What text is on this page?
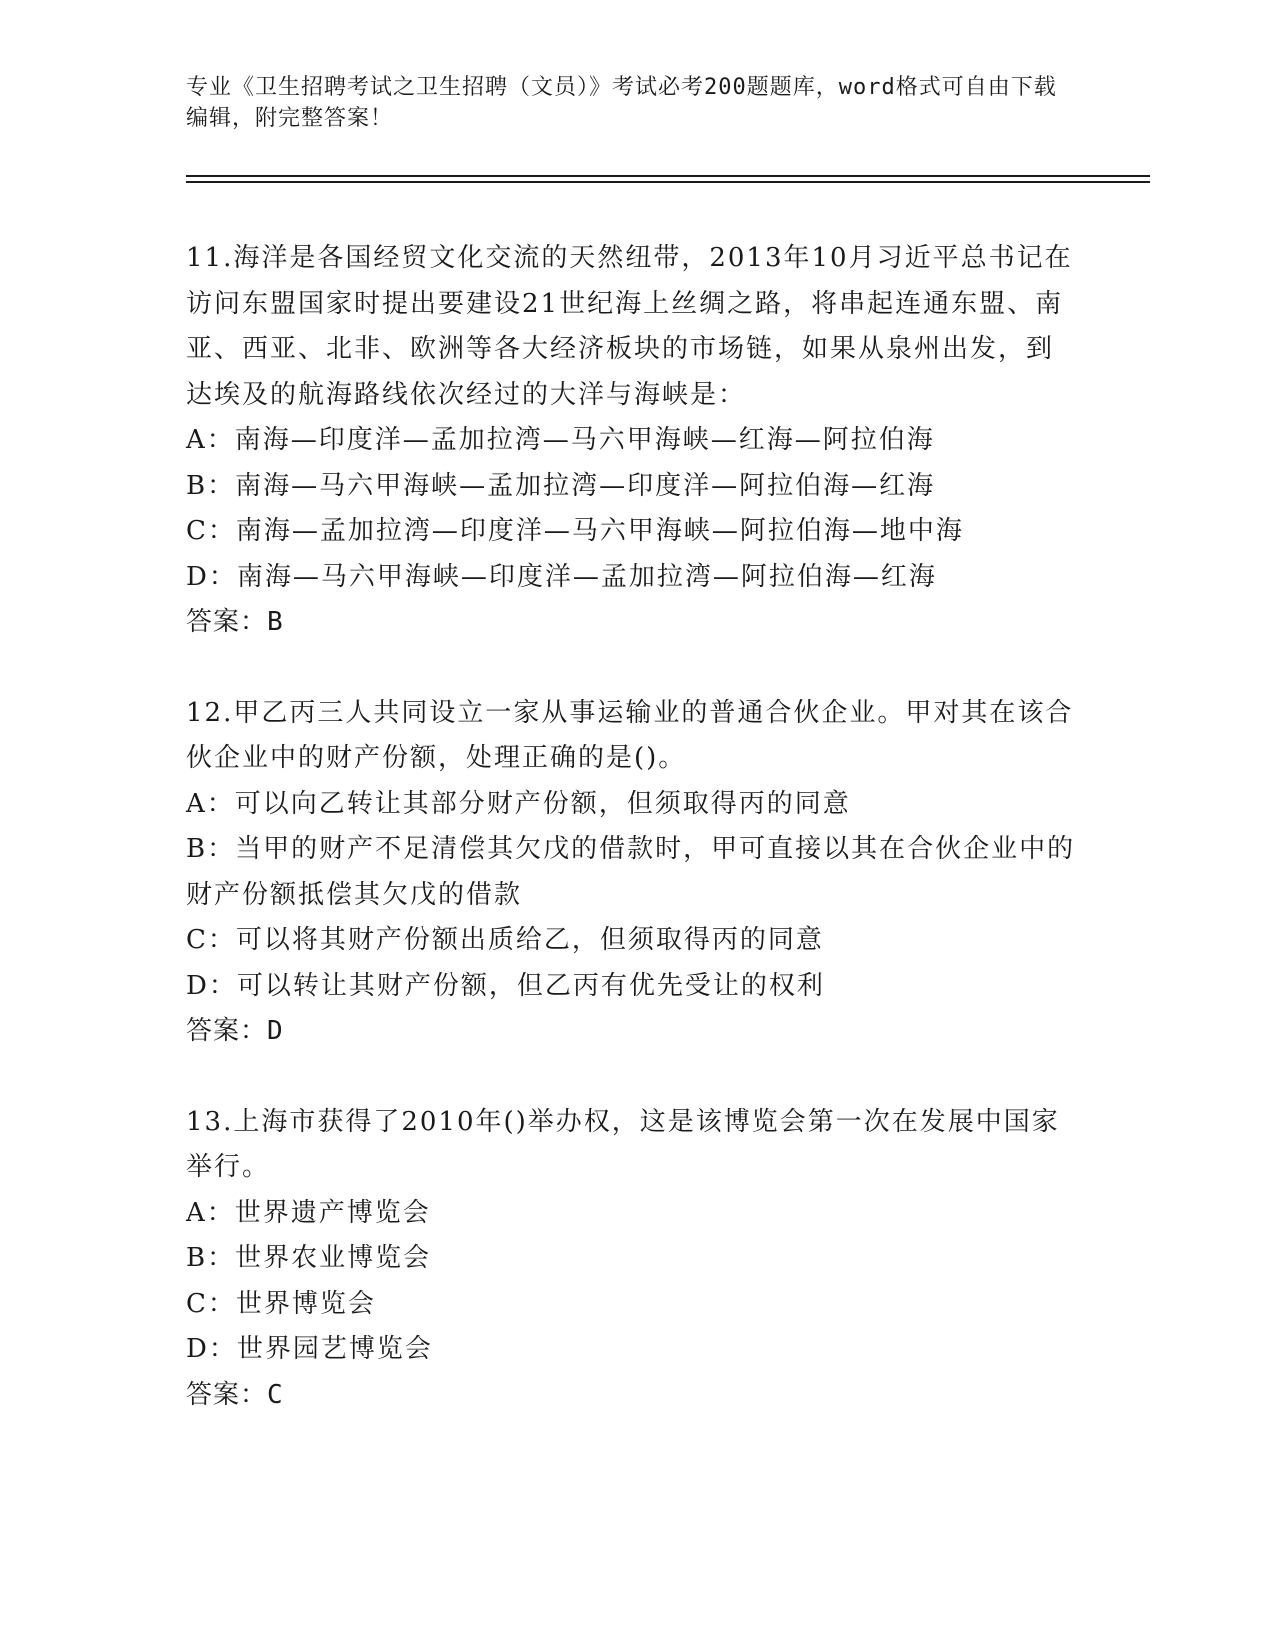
专业《卫生招聘考试之卫生招聘（文员）》考试必考200题题库，word格式可自由下载编辑，附完整答案！
11.海洋是各国经贸文化交流的天然纽带，2013年10月习近平总书记在访问东盟国家时提出要建设21世纪海上丝绸之路，将串起连通东盟、南亚、西亚、北非、欧洲等各大经济板块的市场链，如果从泉州出发，到达埃及的航海路线依次经过的大洋与海峡是：
A：南海—印度洋—孟加拉湾—马六甲海峡—红海—阿拉伯海
B：南海—马六甲海峡—孟加拉湾—印度洋—阿拉伯海—红海
C：南海—孟加拉湾—印度洋—马六甲海峡—阿拉伯海—地中海
D：南海—马六甲海峡—印度洋—孟加拉湾—阿拉伯海—红海
答案：B
12.甲乙丙三人共同设立一家从事运输业的普通合伙企业。甲对其在该合伙企业中的财产份额，处理正确的是()。
A：可以向乙转让其部分财产份额，但须取得丙的同意
B：当甲的财产不足清偿其欠戊的借款时，甲可直接以其在合伙企业中的财产份额抵偿其欠戊的借款
C：可以将其财产份额出质给乙，但须取得丙的同意
D：可以转让其财产份额，但乙丙有优先受让的权利
答案：D
13.上海市获得了2010年()举办权，这是该博览会第一次在发展中国家举行。
A：世界遗产博览会
B：世界农业博览会
C：世界博览会
D：世界园艺博览会
答案：C
